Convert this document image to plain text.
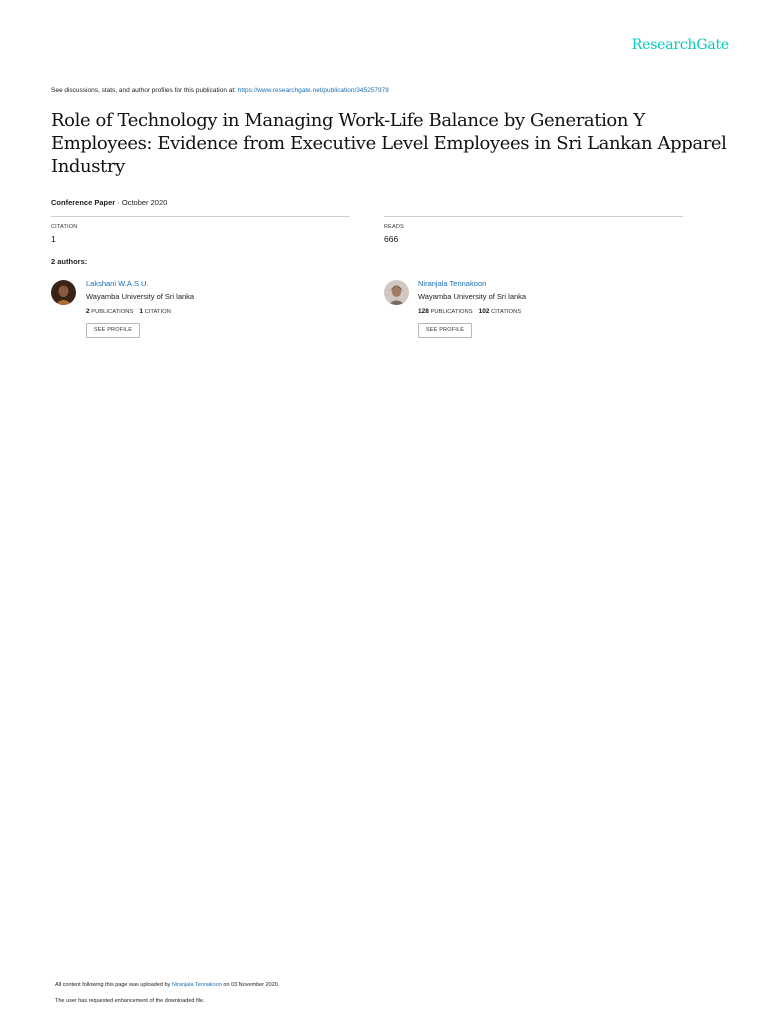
ResearchGate
See discussions, stats, and author profiles for this publication at: https://www.researchgate.net/publication/345257978
Role of Technology in Managing Work-Life Balance by Generation Y Employees: Evidence from Executive Level Employees in Sri Lankan Apparel Industry
Conference Paper · October 2020
CITATION
1
READS
666
2 authors:
Lakshani W.A.S.U.
Wayamba University of Sri lanka
2 PUBLICATIONS 1 CITATION
SEE PROFILE
Niranjala Tennakoon
Wayamba University of Sri lanka
128 PUBLICATIONS 102 CITATIONS
SEE PROFILE
All content following this page was uploaded by Niranjala Tennakoon on 03 November 2020.
The user has requested enhancement of the downloaded file.
